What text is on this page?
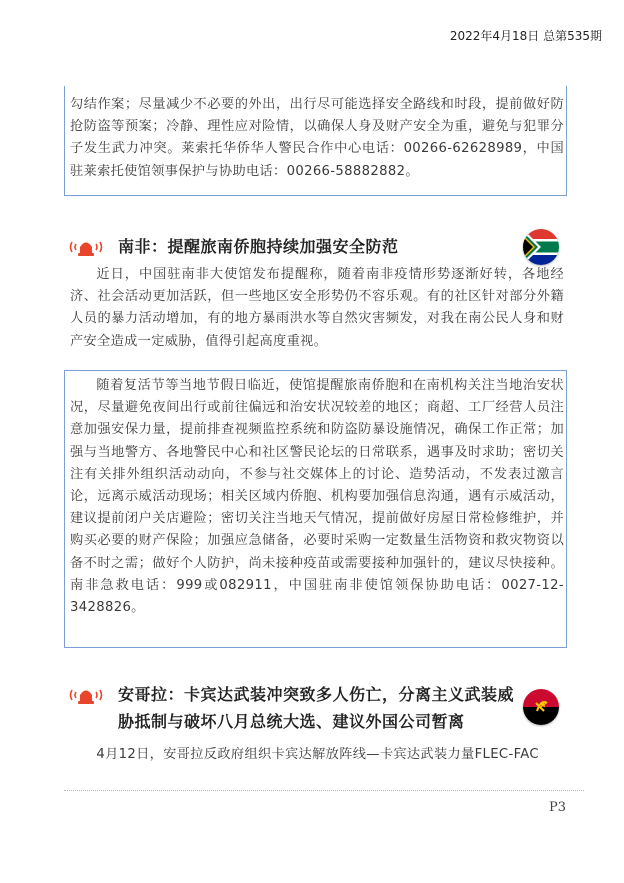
2022年4月18日 总第535期

勾结作案；尽量减少不必要的外出，出行尽可能选择安全路线和时段，提前做好防抢防盗等预案；冷静、理性应对险情，以确保人身及财产安全为重，避免与犯罪分子发生武力冲突。莱索托华侨华人警民合作中心电话：00266-62628989，中国驻莱索托使馆领事保护与协助电话：00266-58882882。

南非：提醒旅南侨胞持续加强安全防范

近日，中国驻南非大使馆发布提醒称，随着南非疫情形势逐渐好转，各地经济、社会活动更加活跃，但一些地区安全形势仍不容乐观。有的社区针对部分外籍人员的暴力活动增加，有的地方暴雨洪水等自然灾害频发，对我在南公民人身和财产安全造成一定威胁，值得引起高度重视。

随着复活节等当地节假日临近，使馆提醒旅南侨胞和在南机构关注当地治安状况，尽量避免夜间出行或前往偏远和治安状况较差的地区；商超、工厂经营人员注意加强安保力量，提前排查视频监控系统和防盗防暴设施情况，确保工作正常；加强与当地警方、各地警民中心和社区警民论坛的日常联系，遇事及时求助；密切关注有关排外组织活动动向，不参与社交媒体上的讨论、造势活动，不发表过激言论，远离示威活动现场；相关区域内侨胞、机构要加强信息沟通，遇有示威活动，建议提前闭户关店避险；密切关注当地天气情况，提前做好房屋日常检修维护，并购买必要的财产保险；加强应急储备，必要时采购一定数量生活物资和救灾物资以备不时之需；做好个人防护，尚未接种疫苗或需要接种加强针的，建议尽快接种。南非急救电话：999或082911，中国驻南非使馆领保协助电话：0027-12-3428826。

安哥拉：卡宾达武装冲突致多人伤亡，分离主义武装威胁抵制与破坏八月总统大选、建议外国公司暂离

4月12日，安哥拉反政府组织卡宾达解放阵线—卡宾达武装力量FLEC-FAC

P3
